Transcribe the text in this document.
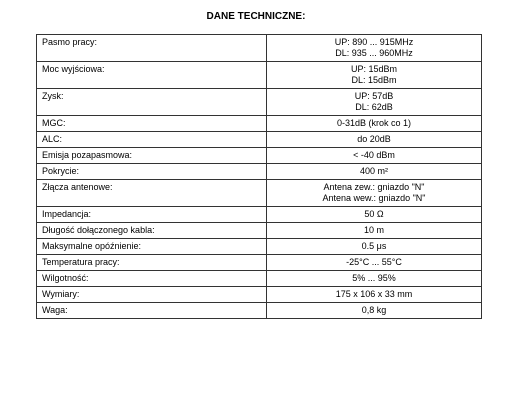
DANE TECHNICZNE:
Pasmo pracy:	UP: 890 ... 915MHz
DL: 935 ... 960MHz

Moc wyjściowa:	UP: 15dBm
DL: 15dBm

Zysk:	UP: 57dB
DL: 62dB

MGC:	0-31dB (krok co 1)

ALC:	do 20dB

Emisja pozapasmowa:	< -40 dBm

Pokrycie:	400 m²

Złącza antenowe:	Antena zew.: gniazdo "N"
Antena wew.: gniazdo "N"

Impedancja:	50 Ω

Długość dołączonego kabla:	10 m

Maksymalne opóźnienie:	0.5 μs

Temperatura pracy:	-25°C ... 55°C

Wilgotność:	5% ... 95%

Wymiary:	175 x 106 x 33 mm

Waga:	0,8 kg
